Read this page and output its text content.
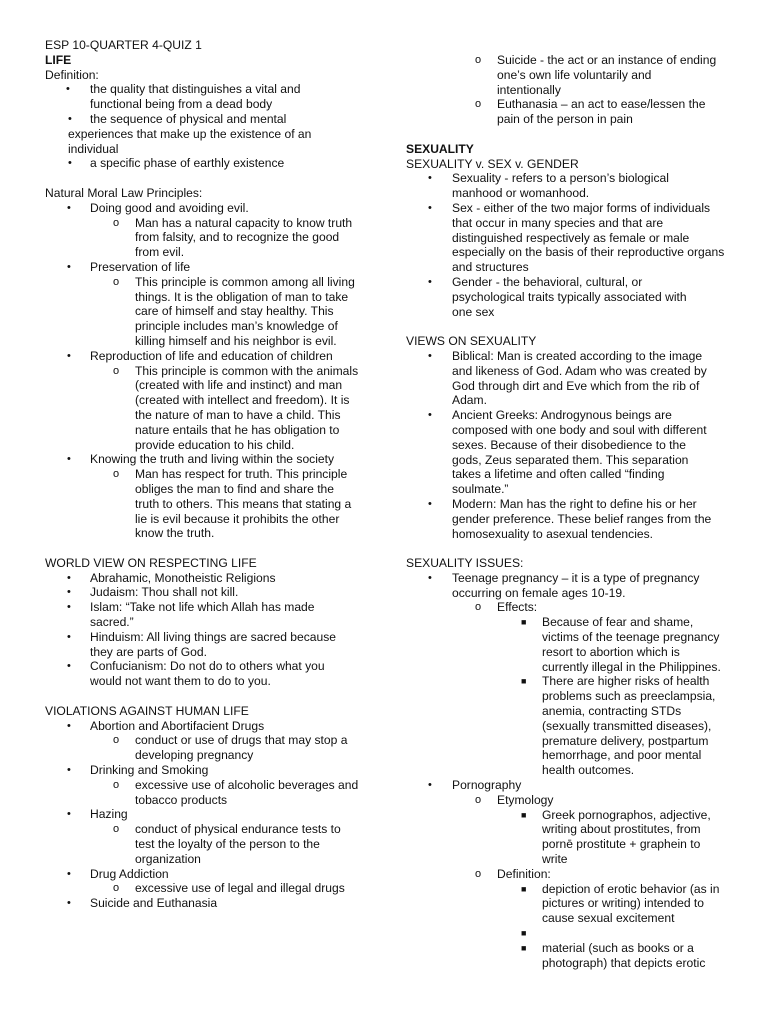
ESP 10-QUARTER 4-QUIZ 1
LIFE
Definition:
•	the quality that distinguishes a vital and functional being from a dead body
•	the sequence of physical and mental experiences that make up the existence of an individual
•	a specific phase of earthly existence
Natural Moral Law Principles:
•	Doing good and avoiding evil.
o Man has a natural capacity to know truth from falsity, and to recognize the good from evil.
•	Preservation of life
o This principle is common among all living things. It is the obligation of man to take care of himself and stay healthy. This principle includes man’s knowledge of killing himself and his neighbor is evil.
•	Reproduction of life and education of children
o This principle is common with the animals (created with life and instinct) and man (created with intellect and freedom). It is the nature of man to have a child. This nature entails that he has obligation to provide education to his child.
•	Knowing the truth and living within the society
o Man has respect for truth. This principle obliges the man to find and share the truth to others. This means that stating a lie is evil because it prohibits the other know the truth.
WORLD VIEW ON RESPECTING LIFE
• Abrahamic, Monotheistic Religions
• Judaism: Thou shall not kill.
• Islam: “Take not life which Allah has made sacred.”
• Hinduism: All living things are sacred because they are parts of God.
• Confucianism: Do not do to others what you would not want them to do to you.
VIOLATIONS AGAINST HUMAN LIFE
•	Abortion and Abortifacient Drugs
o conduct or use of drugs that may stop a developing pregnancy
•	Drinking and Smoking
o excessive use of alcoholic beverages and tobacco products
•	Hazing
o conduct of physical endurance tests to test the loyalty of the person to the organization
•	Drug Addiction
o excessive use of legal and illegal drugs
•	Suicide and Euthanasia
o Suicide - the act or an instance of ending one’s own life voluntarily and intentionally
o Euthanasia – an act to ease/lessen the pain of the person in pain
SEXUALITY
SEXUALITY v. SEX v. GENDER
• Sexuality - refers to a person’s biological manhood or womanhood.
• Sex - either of the two major forms of individuals that occur in many species and that are distinguished respectively as female or male especially on the basis of their reproductive organs and structures
• Gender - the behavioral, cultural, or psychological traits typically associated with one sex
VIEWS ON SEXUALITY
• Biblical: Man is created according to the image and likeness of God. Adam who was created by God through dirt and Eve which from the rib of Adam.
• Ancient Greeks: Androgynous beings are composed with one body and soul with different sexes. Because of their disobedience to the gods, Zeus separated them. This separation takes a lifetime and often called “finding soulmate.”
• Modern: Man has the right to define his or her gender preference. These belief ranges from the homosexuality to asexual tendencies.
SEXUALITY ISSUES:
•	Teenage pregnancy – it is a type of pregnancy occurring on female ages 10-19.
o Effects:
■ Because of fear and shame, victims of the teenage pregnancy resort to abortion which is currently illegal in the Philippines.
■ There are higher risks of health problems such as preeclampsia, anemia, contracting STDs (sexually transmitted diseases), premature delivery, postpartum hemorrhage, and poor mental health outcomes.
•	Pornography
o Etymology
■ Greek pornographos, adjective, writing about prostitutes, from pornē prostitute + graphein to write
o Definition:
■ depiction of erotic behavior (as in pictures or writing) intended to cause sexual excitement
■
■ material (such as books or a photograph) that depicts erotic
